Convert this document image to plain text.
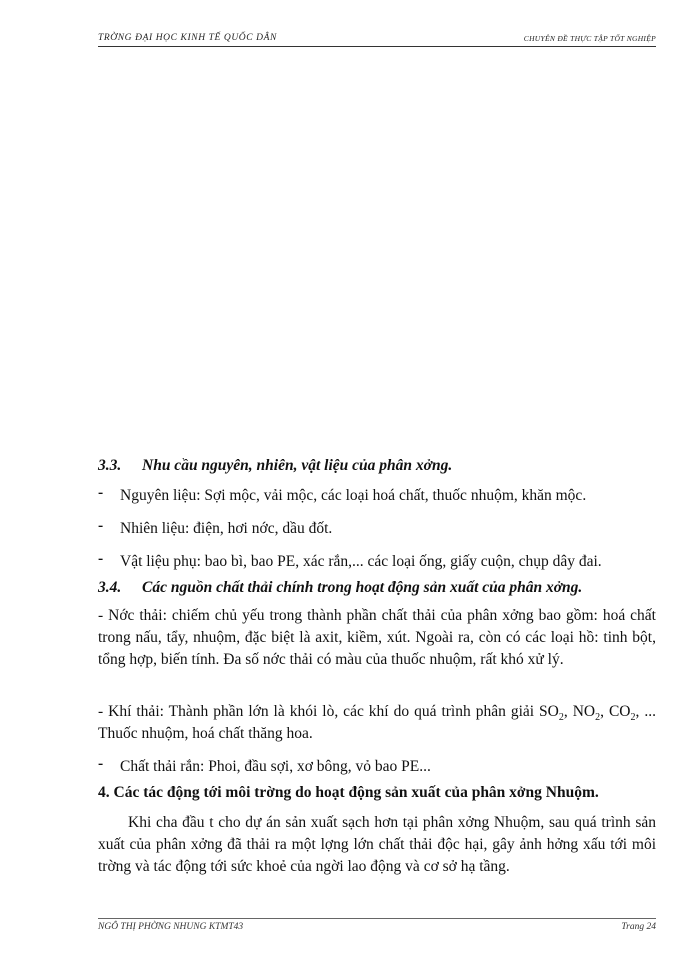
TRỜNG ĐẠI HỌC KINH TẾ QUỐC DÂN	CHUYÊN ĐỀ THỰC TẬP TỐT NGHIỆP

3.3. Nhu cầu nguyên, nhiên, vật liệu của phân xởng.

- Nguyên liệu: Sợi mộc, vải mộc, các loại hoá chất, thuốc nhuộm, khăn mộc.
- Nhiên liệu: điện, hơi nớc, dầu đốt.
- Vật liệu phụ: bao bì, bao PE, xác rắn,... các loại ống, giấy cuộn, chụp dây đai.

3.4. Các nguồn chất thải chính trong hoạt động sản xuất của phân xởng.

- Nớc thải: chiếm chủ yếu trong thành phần chất thải của phân xởng bao gồm: hoá chất trong nấu, tẩy, nhuộm, đặc biệt là axit, kiềm, xút. Ngoài ra, còn có các loại hồ: tinh bột, tổng hợp, biến tính. Đa số nớc thải có màu của thuốc nhuộm, rất khó xử lý.

- Khí thải: Thành phần lớn là khói lò, các khí do quá trình phân giải $SO_2$, $NO_2$, $CO_2$, ... Thuốc nhuộm, hoá chất thăng hoa.

- Chất thải rắn: Phoi, đầu sợi, xơ bông, vỏ bao PE...

4. Các tác động tới môi trờng do hoạt động sản xuất của phân xởng Nhuộm.

Khi cha đầu t cho dự án sản xuất sạch hơn tại phân xởng Nhuộm, sau quá trình sản xuất của phân xởng đã thải ra một lợng lớn chất thải độc hại, gây ảnh hởng xấu tới môi trờng và tác động tới sức khoẻ của ngời lao động và cơ sở hạ tầng.

NGÔ THỊ PHỜNG NHUNG KTMT43	Trang 24
